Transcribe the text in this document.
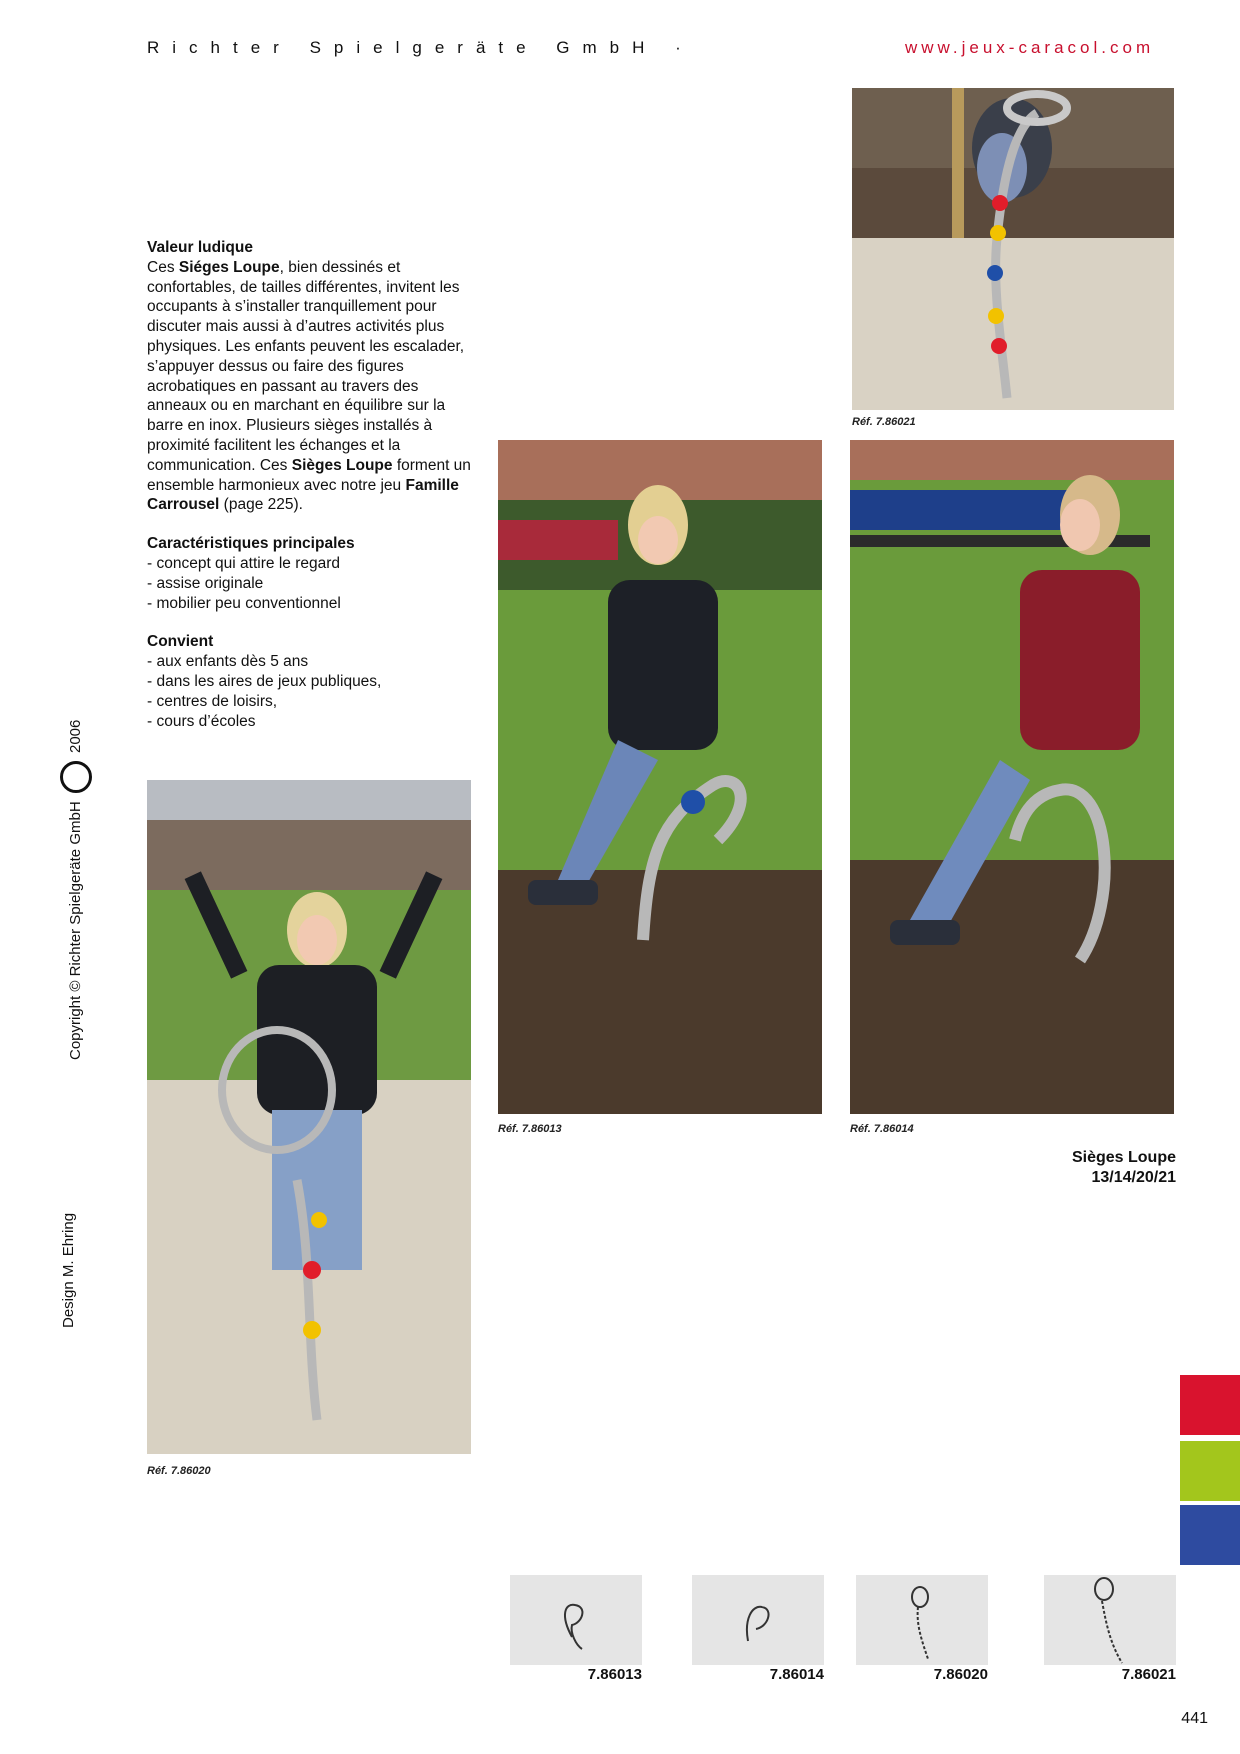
Richter Spielgeräte GmbH ·	www.jeux-caracol.com
Valeur ludique

Ces Siéges Loupe, bien dessinés et confortables, de tailles différentes, invitent les occupants à s’installer tranquillement pour discuter mais aussi à d’autres activités plus physiques. Les enfants peuvent les escalader, s’appuyer dessus ou faire des figures acrobatiques en passant au travers des anneaux ou en marchant en équilibre sur la barre en inox. Plusieurs sièges installés à proximité facilitent les échanges et la communication. Ces Sièges Loupe forment un ensemble harmonieux avec notre jeu Famille Carrousel (page 225).

Caractéristiques principales
- concept qui attire le regard
- assise originale
- mobilier peu conventionnel
Convient
- aux enfants dès 5 ans
- dans les aires de jeux publiques,
- centres de loisirs,
- cours d’écoles
Réf. 7.86021
Réf. 7.86013	Réf. 7.86014
Réf. 7.86020
Sièges Loupe
13/14/20/21
Copyright © Richter Spielgeräte GmbH  2006
Design M. Ehring
7.86013	7.86014	7.86020	7.86021
441
